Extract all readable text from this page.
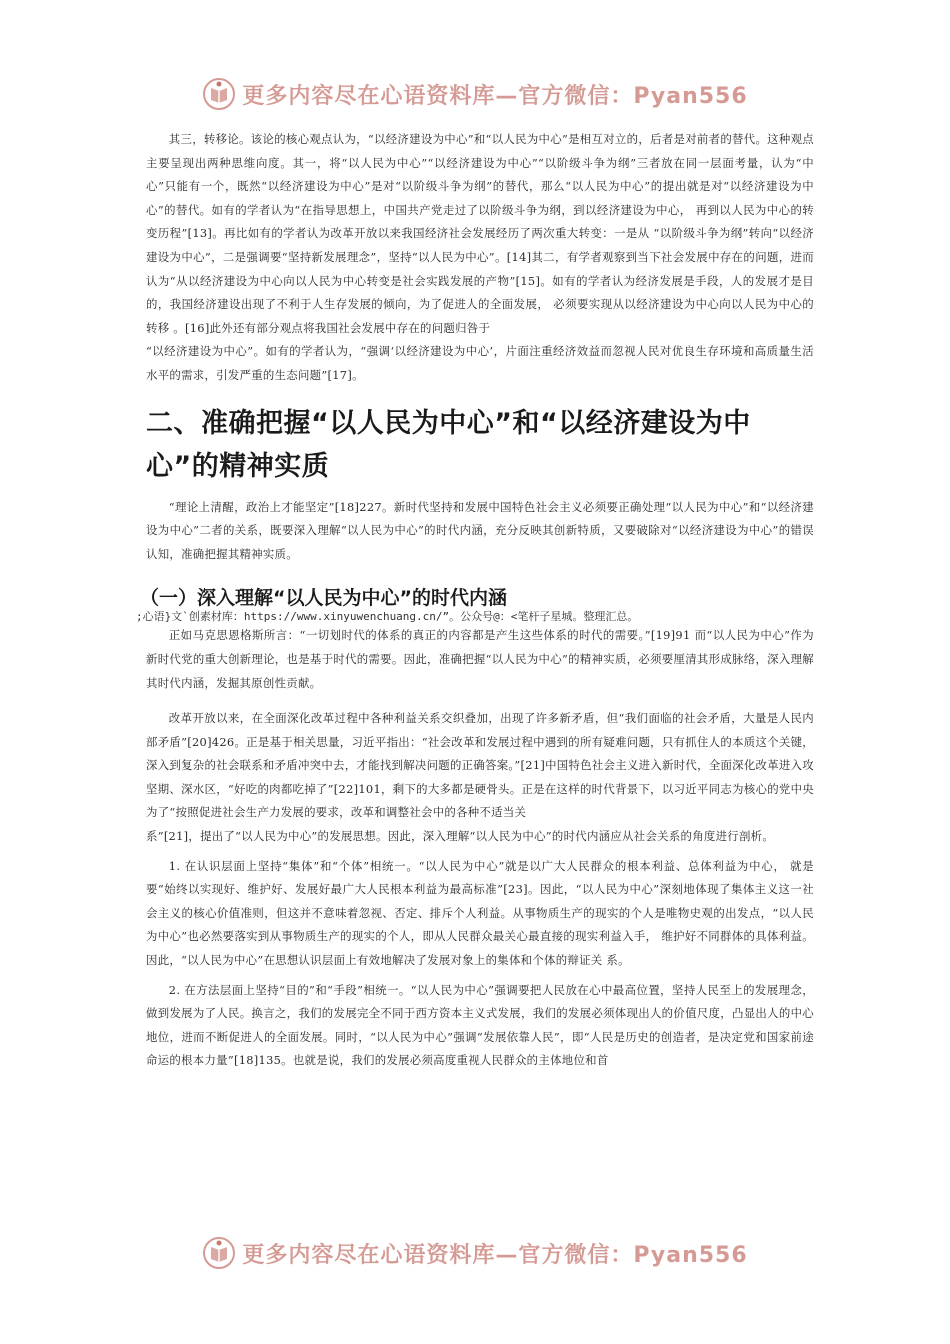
更多内容尽在心语资料库—官方微信：Pyan556

其三，转移论。该论的核心观点认为，“以经济建设为中心”和“以人民为中心”是相互对立的，后者是对前者的替代。这种观点主要呈现出两种思维向度。其一，将“以人民为中心”“以经济建设为中心”“以阶级斗争为纲”三者放在同一层面考量，认为“中心”只能有一个，既然“以经济建设为中心”是对“以阶级斗争为纲”的替代，那么“以人民为中心”的提出就是对“以经济建设为中心”的替代。如有的学者认为“在指导思想上，中国共产党走过了以阶级斗争为纲，到以经济建设为中心， 再到以人民为中心的转变历程”[13]。再比如有的学者认为改革开放以来我国经济社会发展经历了两次重大转变：一是从 “以阶级斗争为纲”转向“以经济建设为中心”，二是强调要“坚持新发展理念”，坚持“以人民为中心”。[14]其二，有学者观察到当下社会发展中存在的问题，进而认为“从以经济建设为中心向以人民为中心转变是社会实践发展的产物”[15]。如有的学者认为经济发展是手段，人的发展才是目的，我国经济建设出现了不利于人生存发展的倾向，为了促进人的全面发展， 必须要实现从以经济建设为中心向以人民为中心的转移 。[16]此外还有部分观点将我国社会发展中存在的问题归咎于

“以经济建设为中心”。如有的学者认为，“强调‘以经济建设为中心’，片面注重经济效益而忽视人民对优良生存环境和高质量生活水平的需求，引发严重的生态问题”[17]。

二、准确把握“以人民为中心”和“以经济建设为中心”的精神实质

“理论上清醒，政治上才能坚定”[18]227。新时代坚持和发展中国特色社会主义必须要正确处理“以人民为中心”和“以经济建设为中心”二者的关系，既要深入理解“以人民为中心”的时代内涵，充分反映其创新特质，又要破除对“以经济建设为中心”的错误认知，准确把握其精神实质。

（一）深入理解“以人民为中心”的时代内涵
;心语}文`创素材库：https://www.xinyuwenchuang.cn/”。公众号@：<笔杆子星城。整理汇总。

正如马克思恩格斯所言：“一切划时代的体系的真正的内容都是产生这些体系的时代的需要。”[19]91 而“以人民为中心”作为新时代党的重大创新理论，也是基于时代的需要。因此，准确把握“以人民为中心”的精神实质，必须要厘清其形成脉络，深入理解其时代内涵，发掘其原创性贡献。

改革开放以来，在全面深化改革过程中各种利益关系交织叠加，出现了许多新矛盾，但“我们面临的社会矛盾，大量是人民内部矛盾”[20]426。正是基于相关思量，习近平指出：“社会改革和发展过程中遇到的所有疑难问题，只有抓住人的本质这个关键，深入到复杂的社会联系和矛盾冲突中去，才能找到解决问题的正确答案。”[21]中国特色社会主义进入新时代，全面深化改革进入攻坚期、深水区，“好吃的肉都吃掉了”[22]101，剩下的大多都是硬骨头。正是在这样的时代背景下，以习近平同志为核心的党中央为了“按照促进社会生产力发展的要求，改革和调整社会中的各种不适当关

系”[21]，提出了“以人民为中心”的发展思想。因此，深入理解“以人民为中心”的时代内涵应从社会关系的角度进行剖析。

1. 在认识层面上坚持“集体”和“个体”相统一。“以人民为中心”就是以广大人民群众的根本利益、总体利益为中心， 就是要“始终以实现好、维护好、发展好最广大人民根本利益为最高标准”[23]。因此，“以人民为中心”深刻地体现了集体主义这一社会主义的核心价值准则，但这并不意味着忽视、否定、排斥个人利益。从事物质生产的现实的个人是唯物史观的出发点，“以人民为中心”也必然要落实到从事物质生产的现实的个人，即从人民群众最关心最直接的现实利益入手， 维护好不同群体的具体利益。因此，“以人民为中心”在思想认识层面上有效地解决了发展对象上的集体和个体的辩证关 系。

2. 在方法层面上坚持“目的”和“手段”相统一。“以人民为中心”强调要把人民放在心中最高位置，坚持人民至上的发展理念，做到发展为了人民。换言之，我们的发展完全不同于西方资本主义式发展，我们的发展必须体现出人的价值尺度，凸显出人的中心地位，进而不断促进人的全面发展。同时，“以人民为中心”强调“发展依靠人民”，即“人民是历史的创造者，是决定党和国家前途命运的根本力量”[18]135。也就是说，我们的发展必须高度重视人民群众的主体地位和首

更多内容尽在心语资料库—官方微信：Pyan556
